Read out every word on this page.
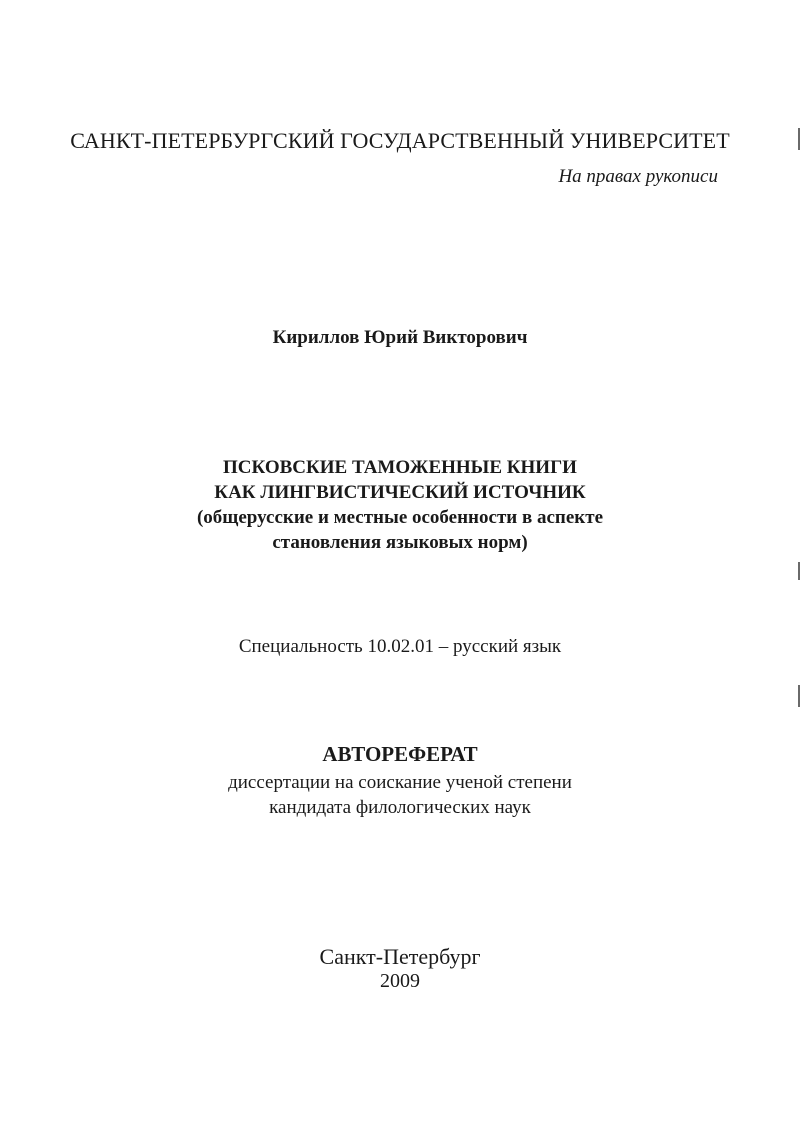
САНКТ-ПЕТЕРБУРГСКИЙ ГОСУДАРСТВЕННЫЙ УНИВЕРСИТЕТ
На правах рукописи
Кириллов Юрий Викторович
ПСКОВСКИЕ ТАМОЖЕННЫЕ КНИГИ
КАК ЛИНГВИСТИЧЕСКИЙ ИСТОЧНИК
(общерусские и местные особенности в аспекте
становления языковых норм)
Специальность 10.02.01 – русский язык
АВТОРЕФЕРАТ
диссертации на соискание ученой степени
кандидата филологических наук
Санкт-Петербург
2009
